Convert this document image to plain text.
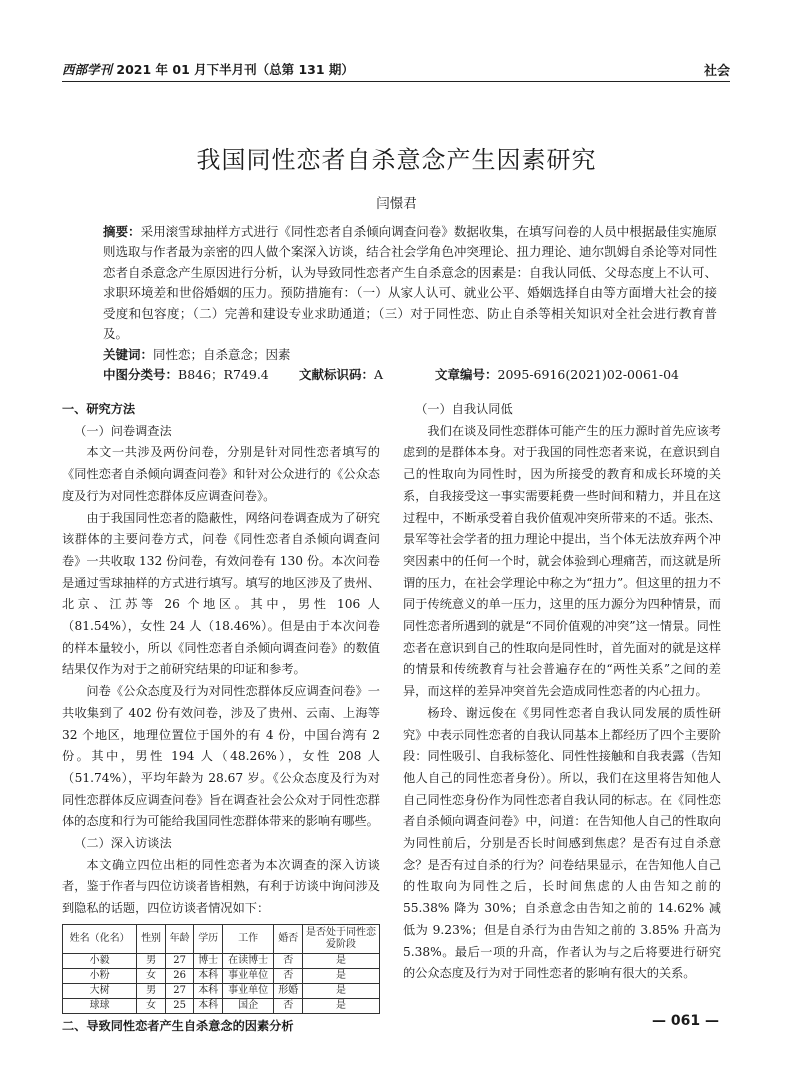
西部学刊 2021 年 01 月下半月刊（总第 131 期）	社会
我国同性恋者自杀意念产生因素研究
闫憬君
摘要：采用滚雪球抽样方式进行《同性恋者自杀倾向调查问卷》数据收集，在填写问卷的人员中根据最佳实施原则选取与作者最为亲密的四人做个案深入访谈，结合社会学角色冲突理论、扭力理论、迪尔凯姆自杀论等对同性恋者自杀意念产生原因进行分析，认为导致同性恋者产生自杀意念的因素是：自我认同低、父母态度上不认可、求职环境差和世俗婚姻的压力。预防措施有：（一）从家人认可、就业公平、婚姻选择自由等方面增大社会的接受度和包容度；（二）完善和建设专业求助通道；（三）对于同性恋、防止自杀等相关知识对全社会进行教育普及。
关键词：同性恋；自杀意念；因素
中图分类号：B846；R749.4 文献标识码：A	文章编号：2095-6916(2021)02-0061-04
一、研究方法
（一）问卷调查法

本文一共涉及两份问卷，分别是针对同性恋者填写的《同性恋者自杀倾向调查问卷》和针对公众进行的《公众态度及行为对同性恋群体反应调查问卷》。

由于我国同性恋者的隐蔽性，网络问卷调查成为了研究该群体的主要问卷方式，问卷《同性恋者自杀倾向调查问卷》一共收取 132 份问卷，有效问卷有 130 份。本次问卷是通过雪球抽样的方式进行填写。填写的地区涉及了贵州、北京、江苏等 26 个地区。其中，男性 106 人（81.54%），女性 24 人（18.46%）。但是由于本次问卷的样本量较小，所以《同性恋者自杀倾向调查问卷》的数值结果仅作为对于之前研究结果的印证和参考。

问卷《公众态度及行为对同性恋群体反应调查问卷》一共收集到了 402 份有效问卷，涉及了贵州、云南、上海等 32 个地区，地理位置位于国外的有 4 份，中国台湾有 2 份。其中，男性 194 人（48.26%），女性 208 人（51.74%），平均年龄为 28.67 岁。《公众态度及行为对同性恋群体反应调查问卷》旨在调查社会公众对于同性恋群体的态度和行为可能给我国同性恋群体带来的影响有哪些。

（二）深入访谈法

本文确立四位出柜的同性恋者为本次调查的深入访谈者，鉴于作者与四位访谈者皆相熟，有利于访谈中询问涉及到隐私的话题，四位访谈者情况如下：

姓名（化名）	性别	年龄	学历	工作	婚否	是否处于同性恋爱阶段
小毅	男	27	博士	在读博士	否	是
小粉	女	26	本科	事业单位	否	是
大树	男	27	本科	事业单位	形婚	是
球球	女	25	本科	国企	否	是
二、导致同性恋者产生自杀意念的因素分析
（一）自我认同低

我们在谈及同性恋群体可能产生的压力源时首先应该考虑到的是群体本身。对于我国的同性恋者来说，在意识到自己的性取向为同性时，因为所接受的教育和成长环境的关系，自我接受这一事实需要耗费一些时间和精力，并且在这过程中，不断承受着自我价值观冲突所带来的不适。张杰、景军等社会学者的扭力理论中提出，当个体无法放弃两个冲突因素中的任何一个时，就会体验到心理痛苦，而这就是所谓的压力，在社会学理论中称之为“扭力”。但这里的扭力不同于传统意义的单一压力，这里的压力源分为四种情景，而同性恋者所遇到的就是“不同价值观的冲突”这一情景。同性恋者在意识到自己的性取向是同性时，首先面对的就是这样的情景和传统教育与社会普遍存在的“两性关系”之间的差异，而这样的差异冲突首先会造成同性恋者的内心扭力。

杨玲、谢远俊在《男同性恋者自我认同发展的质性研究》中表示同性恋者的自我认同基本上都经历了四个主要阶段：同性吸引、自我标签化、同性性接触和自我表露（告知他人自己的同性恋者身份）。所以，我们在这里将告知他人自己同性恋身份作为同性恋者自我认同的标志。在《同性恋者自杀倾向调查问卷》中，问道：在告知他人自己的性取向为同性前后，分别是否长时间感到焦虑？是否有过自杀意念？是否有过自杀的行为？问卷结果显示，在告知他人自己的性取向为同性之后，长时间焦虑的人由告知之前的 55.38% 降为 30%；自杀意念由告知之前的 14.62% 减低为 9.23%；但是自杀行为由告知之前的 3.85% 升高为 5.38%。最后一项的升高，作者认为与之后将要进行研究的公众态度及行为对于同性恋者的影响有很大的关系。

— 061 —
